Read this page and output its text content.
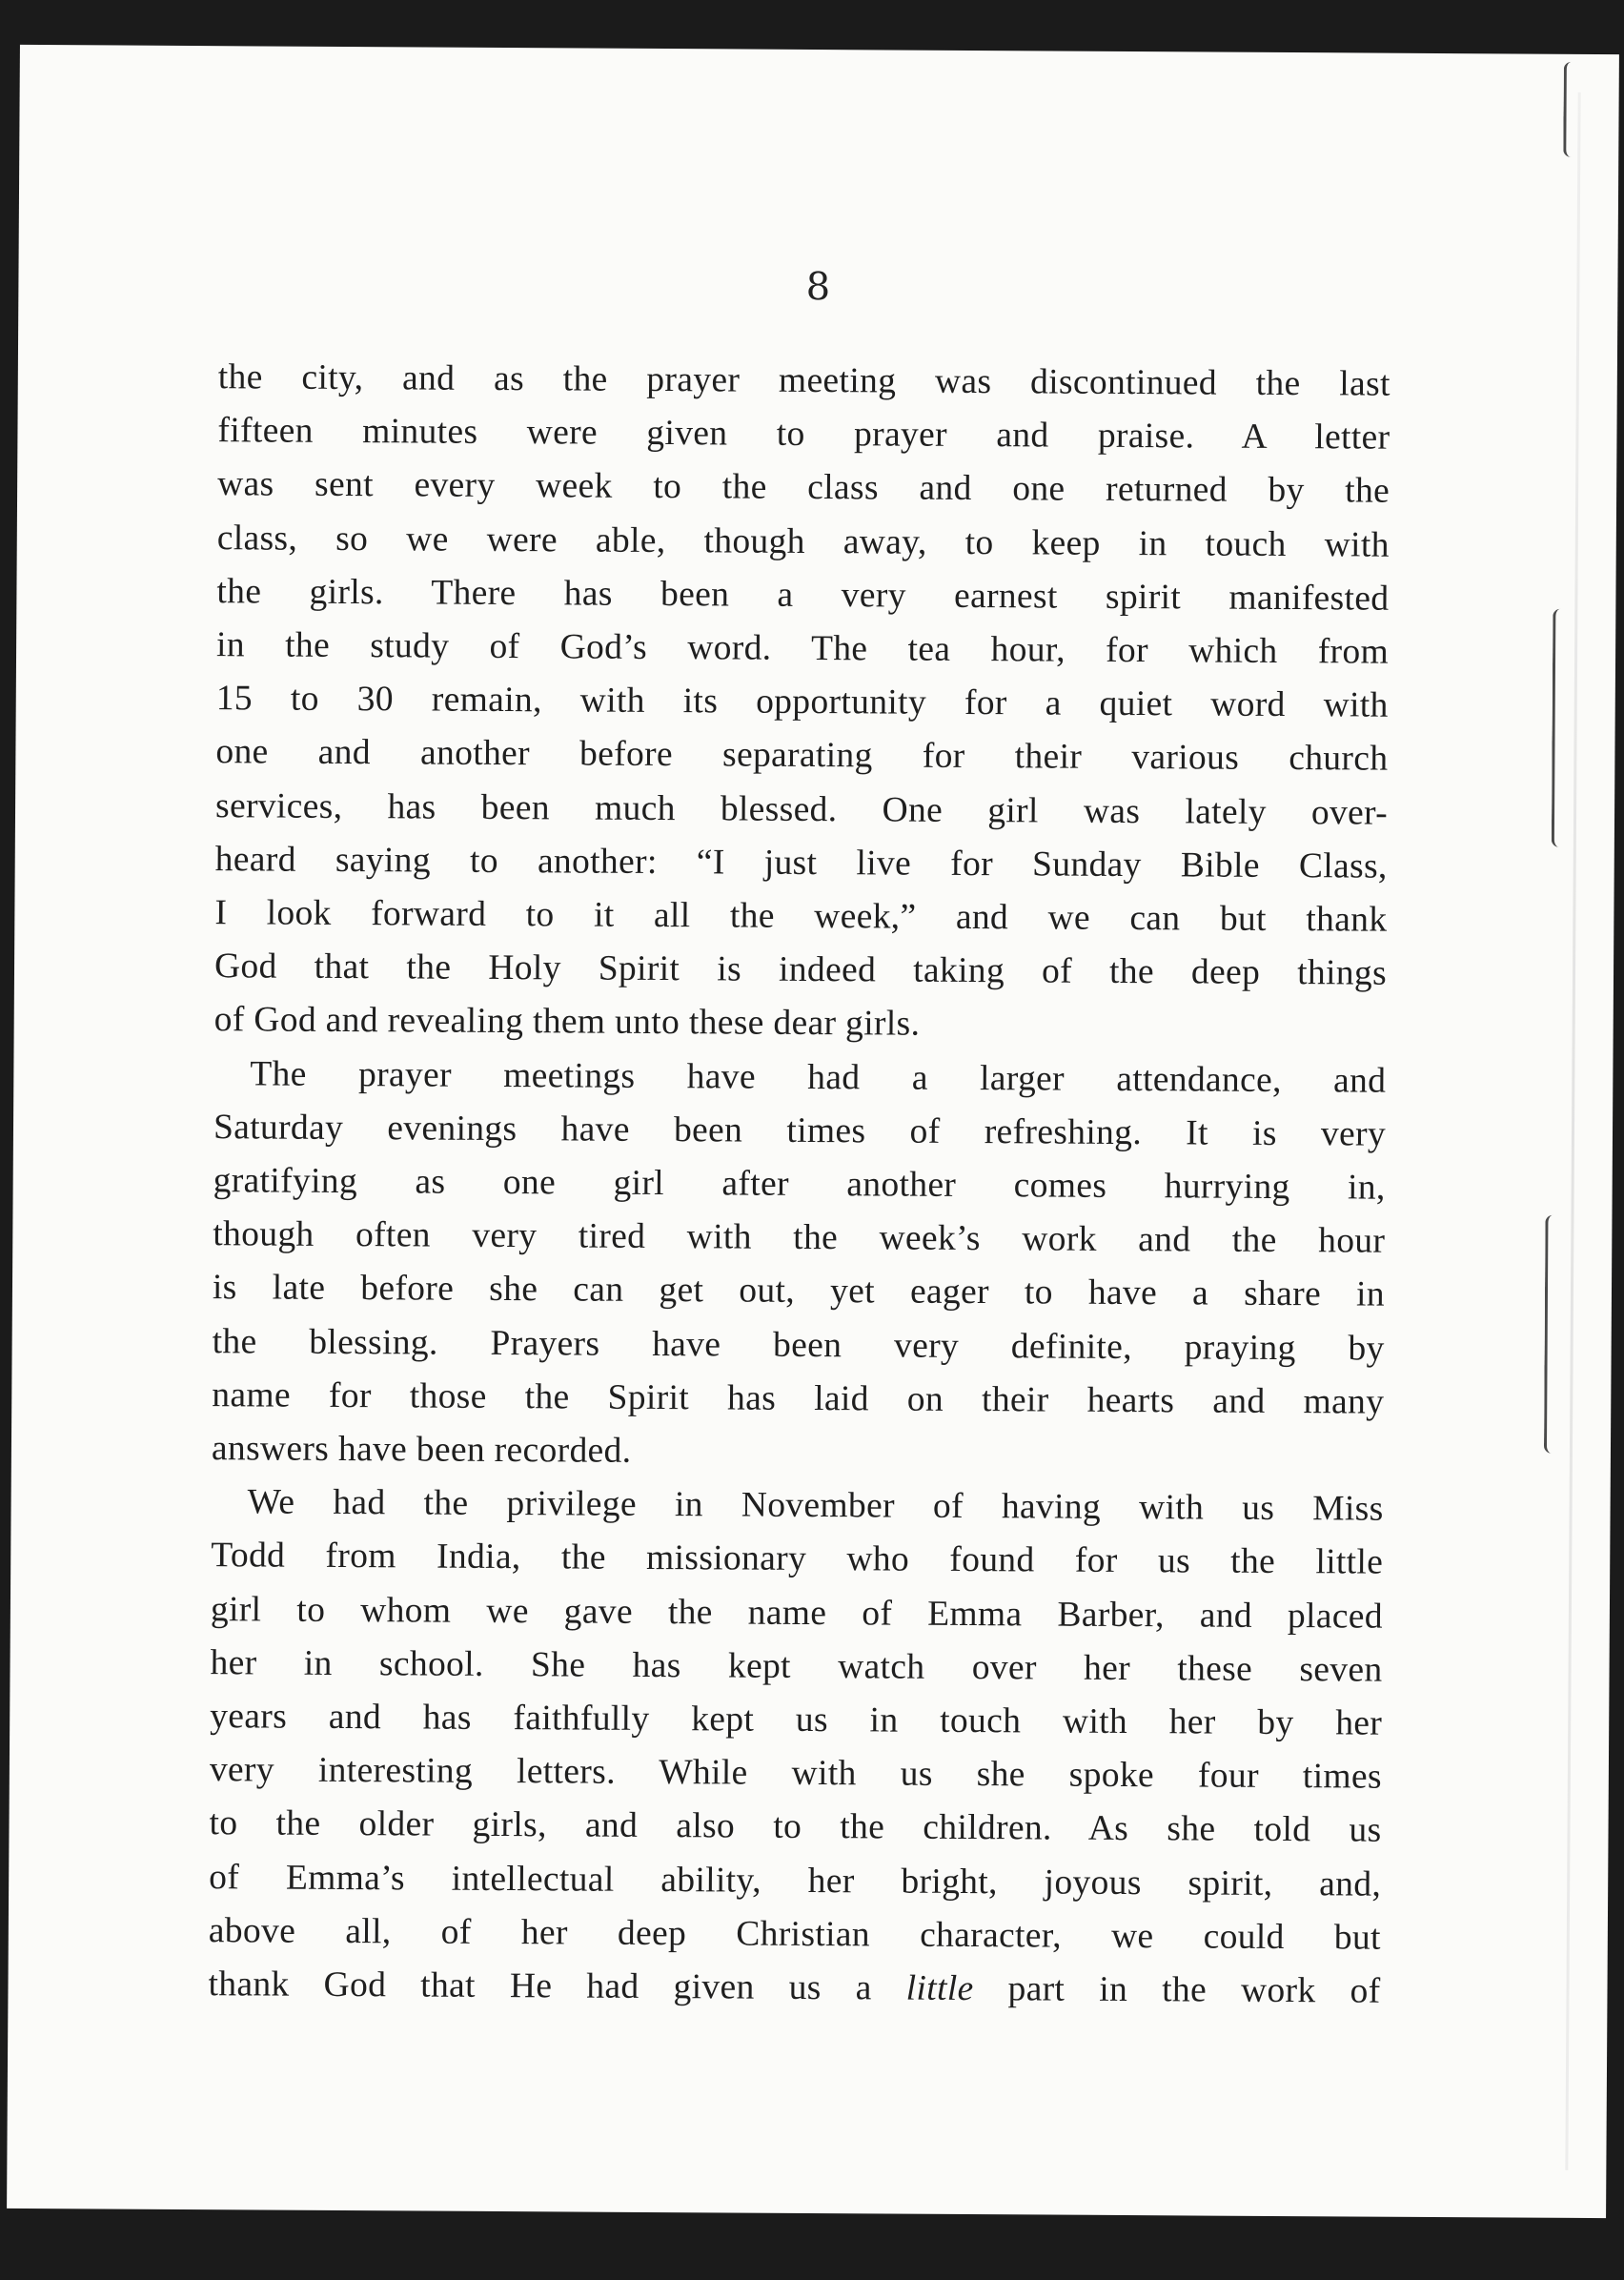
8
the city, and as the prayer meeting was discontinued the last
fifteen minutes were given to prayer and praise. A letter
was sent every week to the class and one returned by the
class, so we were able, though away, to keep in touch with
the girls. There has been a very earnest spirit manifested
in the study of God’s word. The tea hour, for which from
15 to 30 remain, with its opportunity for a quiet word with
one and another before separating for their various church
services, has been much blessed. One girl was lately over-
heard saying to another: “I just live for Sunday Bible Class,
I look forward to it all the week,” and we can but thank
God that the Holy Spirit is indeed taking of the deep things
of God and revealing them unto these dear girls.
The prayer meetings have had a larger attendance, and
Saturday evenings have been times of refreshing. It is very
gratifying as one girl after another comes hurrying in,
though often very tired with the week’s work and the hour
is late before she can get out, yet eager to have a share in
the blessing. Prayers have been very definite, praying by
name for those the Spirit has laid on their hearts and many
answers have been recorded.
We had the privilege in November of having with us Miss
Todd from India, the missionary who found for us the little
girl to whom we gave the name of Emma Barber, and placed
her in school. She has kept watch over her these seven
years and has faithfully kept us in touch with her by her
very interesting letters. While with us she spoke four times
to the older girls, and also to the children. As she told us
of Emma’s intellectual ability, her bright, joyous spirit, and,
above all, of her deep Christian character, we could but
thank God that He had given us a little part in the work of
